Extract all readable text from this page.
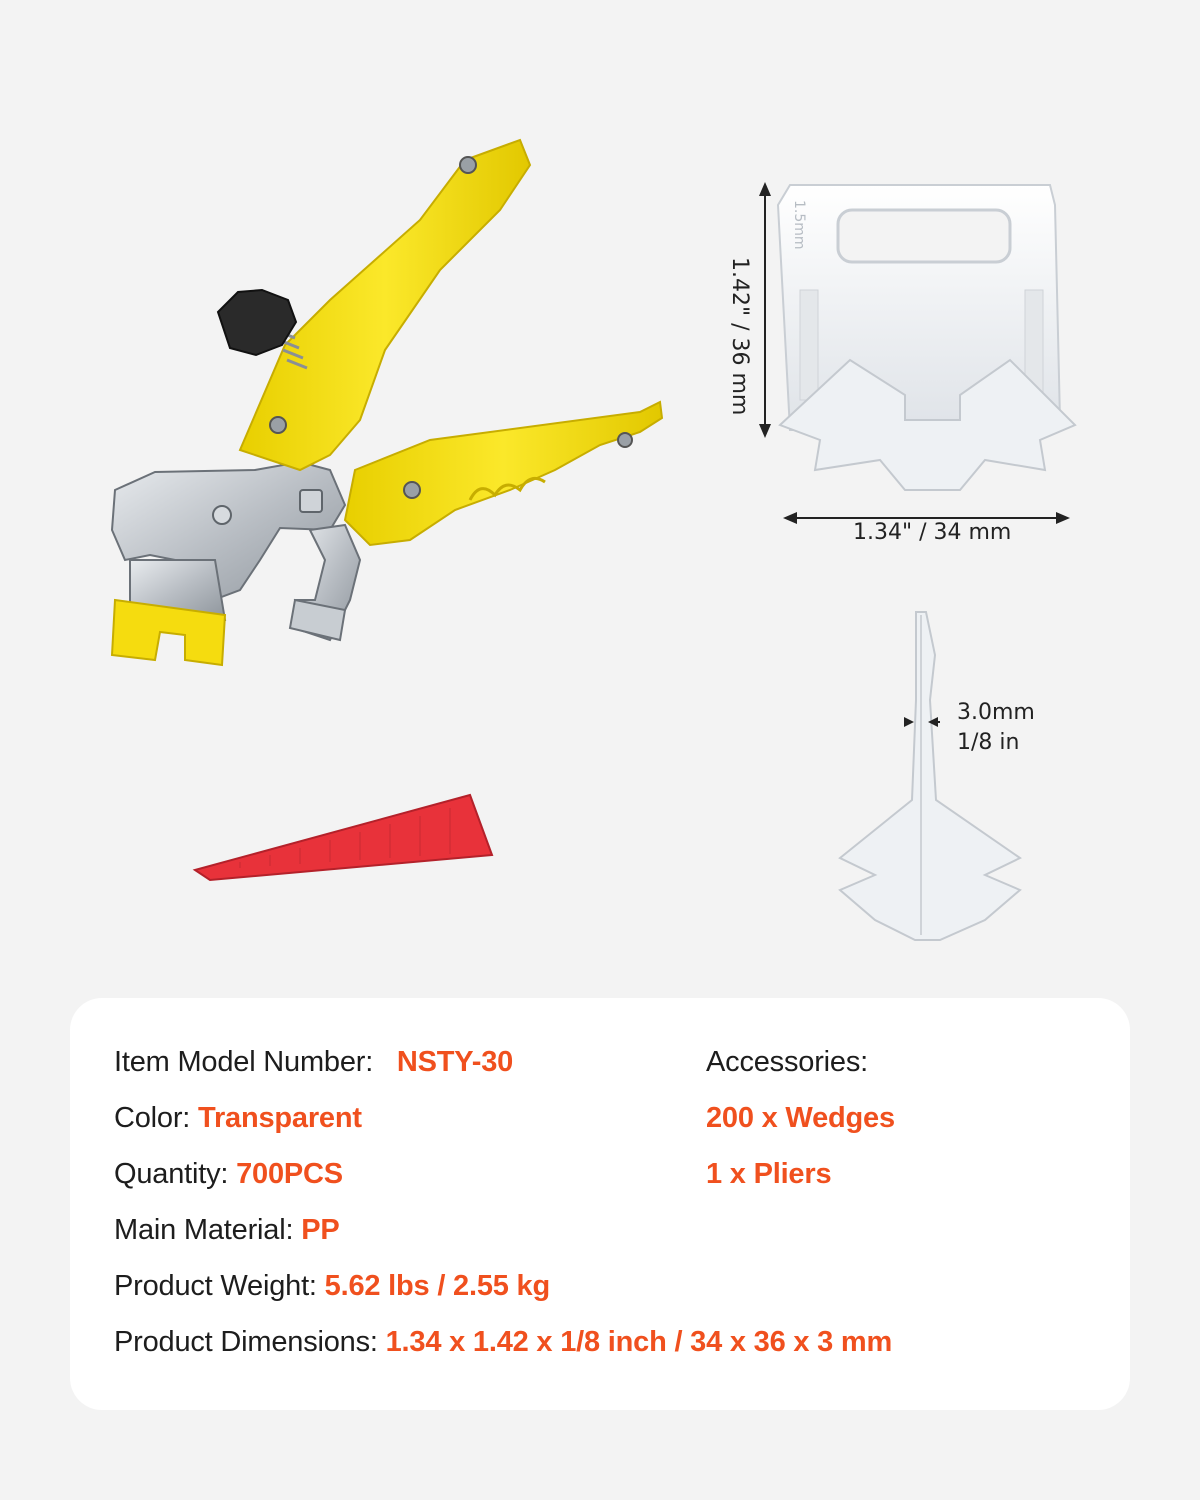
1.5mm
1.42" / 36 mm
1.34" / 34 mm
3.0mm
1/8 in
Item Model Number: NSTY-30
Color: Transparent
Quantity: 700PCS
Main Material: PP
Product Weight: 5.62 lbs / 2.55 kg
Product Dimensions: 1.34 x 1.42 x 1/8 inch / 34 x 36 x 3 mm
Accessories:
200 x Wedges
1 x Pliers
